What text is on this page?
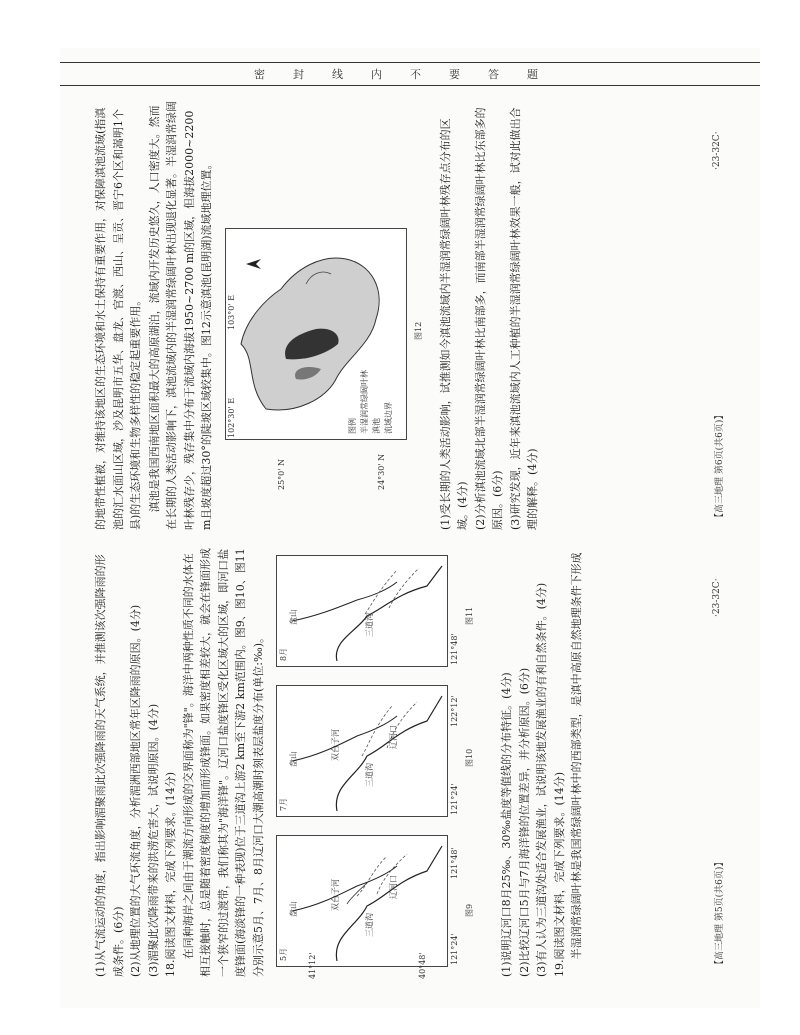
密封线内不要答题

(1)从气流运动的角度，指出影响湄聚雨此次强降雨的天气系统，并推测该次强降雨的形成条件。(6分) (2)从地理位置的大气环流角度，分析湄洲西部地区常年区降雨的原因。(4分) (3)湄聚此次降雨带来的洪涝危害大，试说明原因。(4分) 18.阅读图文材料，完成下列要求。(14分) 在同种海岸之间由于潮流方向形成的交界面称为"锋"。海洋中两种性质不同的水体在相互接触时，总是随着密度梯度的增加而形成锋面。如果密度相差较大，就会在锋面形成一个狭窄的过渡带，我们称其为"海洋锋"。辽河口盐度锋区受化区域大的区域，即河口盐度锋面(海淡锋的一种表现)位于三道沟上游2 km至下游2 km范围内。图9、图10、图11分别示意5月、7月、8月辽河口大潮高潮时刻表层盐度分布(单位:‰)。	5月
盘山	双台子河
三道沟
辽河口
41°12'	40°48'
121°24'
121°48'
图9
7月
盘山	双台子河
三道沟
辽河口
121°24'
122°12'
图10
8月
盘山	三道沟
121°48'
图11

(1)说明辽河口8月25‰、30‰盐度等值线的分布特征。(4分) (2)比较辽河口5月与7月海洋锋的位置差异，并分析原因。(6分) (3)有人认为三道沟处适合发展渔业，试说明该地发展渔业的有利自然条件。(4分) 19.阅读图文材料，完成下列要求。(14分) 半湿润常绿阔叶林是我国常绿阔叶林中的西部类型，是滇中高原自然地理条件下形成	【高三地理 第5页(共6页)】
·23-32C·

的地带性植被，对维持该地区的生态环境和水土保持有重要作用，对保障滇池流域(指滇池的汇水面山区域，沙及昆明市五华、盘龙、官渡、西山、呈贡、晋宁6个区和嵩明1个县)的生态环境和生物多样性的稳定起重要作用。 滇池是我国西南地区面积最大的高原湖泊，流域内开发历史悠久，人口密度大。然而在长期的人类活动影响下，滇池流域内的半湿润常绿阔叶林出现退化显著。半湿润常绿阔叶林残存少，残存集中分布于流域内海拔1950~2700 m的区域，但海拔2000~2200 m且坡度超过30°的陡坡区域较集中。图12示意滇池(昆明湖)流域地理位置。	102°30' E
103°0' E
25°0' N	24°30' N
图例 半湿润常绿阔叶林 滇池 流域边界
图12 (1)受长期的人类活动影响，试推测如今滇池流域内半湿润常绿阔叶林残存点分布的区域。(4分) (2)分析滇池流域北部半湿润常绿阔叶林比南部多，而南部半湿润常绿阔叶林比东部多的原因。(6分) (3)研究发现，近年来滇池流域内人工种植的半湿润常绿阔叶林效果一般，试对此做出合理的解释。(4分)	【高三地理 第6页(共6页)】
·23-32C·
